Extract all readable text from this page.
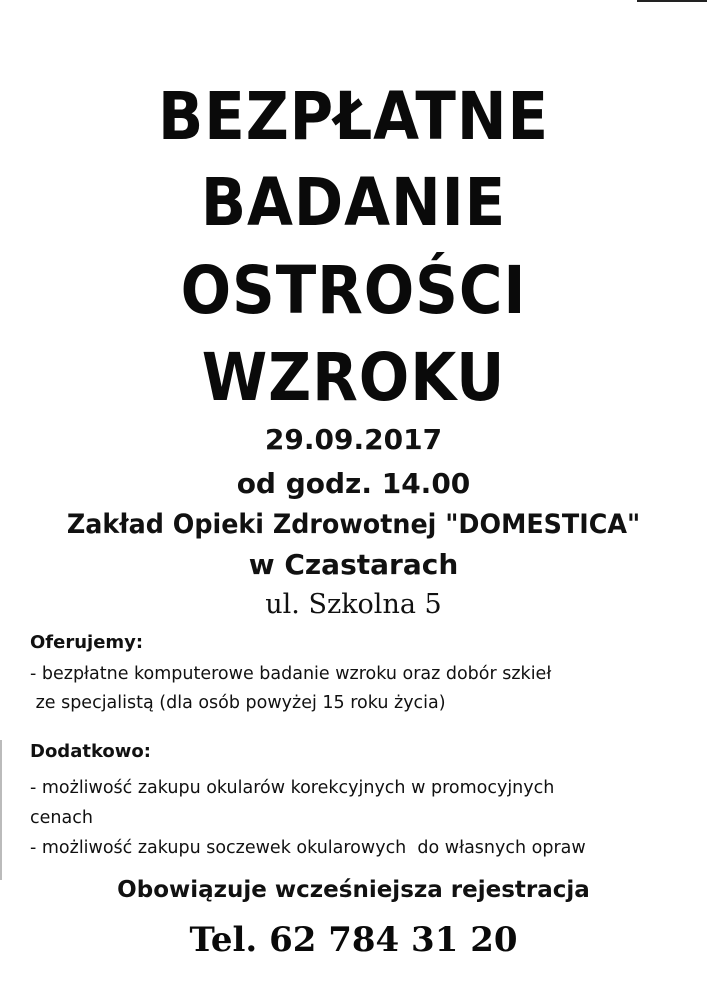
BEZPŁATNE
BADANIE
OSTROŚCI
WZROKU
29.09.2017
od godz. 14.00
Zakład Opieki Zdrowotnej "DOMESTICA"
w Czastarach
ul. Szkolna 5
Oferujemy:
- bezpłatne komputerowe badanie wzroku oraz dobór szkieł
ze specjalistą (dla osób powyżej 15 roku życia)
Dodatkowo:
- możliwość zakupu okularów korekcyjnych w promocyjnych
cenach
- możliwość zakupu soczewek okularowych  do własnych opraw
Obowiązuje wcześniejsza rejestracja
Tel. 62 784 31 20
